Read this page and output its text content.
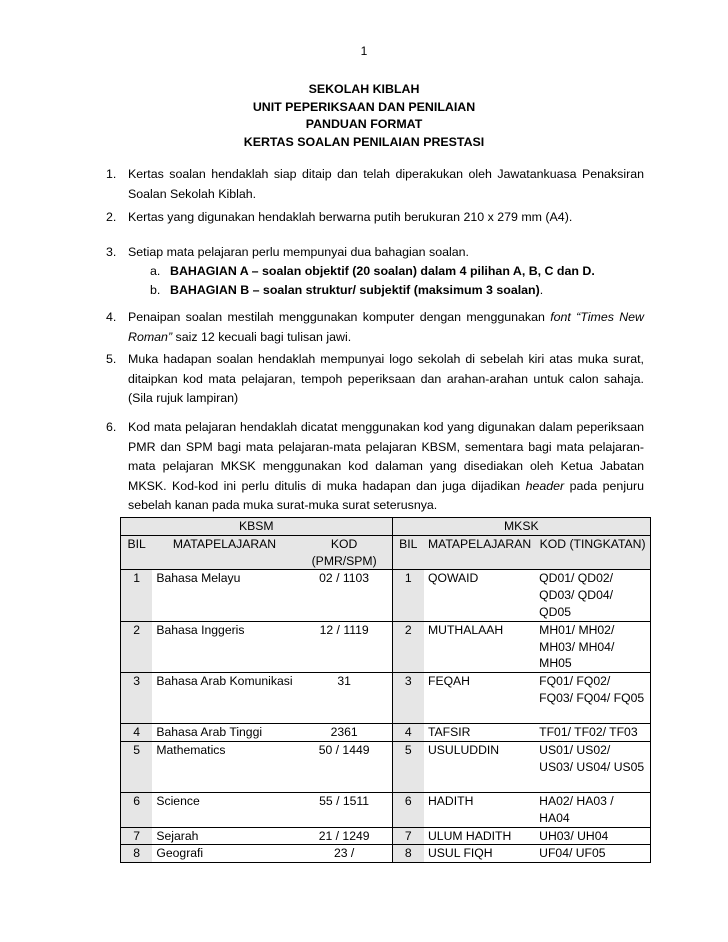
1
SEKOLAH KIBLAH
UNIT PEPERIKSAAN DAN PENILAIAN
PANDUAN FORMAT
KERTAS SOALAN PENILAIAN PRESTASI
1. Kertas soalan hendaklah siap ditaip dan telah diperakukan oleh Jawatankuasa Penaksiran Soalan Sekolah Kiblah.
2. Kertas yang digunakan hendaklah berwarna putih berukuran 210 x 279 mm (A4).
3. Setiap mata pelajaran perlu mempunyai dua bahagian soalan.
a. BAHAGIAN A – soalan objektif (20 soalan) dalam 4 pilihan A, B, C dan D.
b. BAHAGIAN B – soalan struktur/ subjektif (maksimum 3 soalan).
4. Penaipan soalan mestilah menggunakan komputer dengan menggunakan font “Times New Roman” saiz 12 kecuali bagi tulisan jawi.
5. Muka hadapan soalan hendaklah mempunyai logo sekolah di sebelah kiri atas muka surat, ditaipkan kod mata pelajaran, tempoh peperiksaan dan arahan-arahan untuk calon sahaja. (Sila rujuk lampiran)
6. Kod mata pelajaran hendaklah dicatat menggunakan kod yang digunakan dalam peperiksaan PMR dan SPM bagi mata pelajaran-mata pelajaran KBSM, sementara bagi mata pelajaran-mata pelajaran MKSK menggunakan kod dalaman yang disediakan oleh Ketua Jabatan MKSK. Kod-kod ini perlu ditulis di muka hadapan dan juga dijadikan header pada penjuru sebelah kanan pada muka surat-muka surat seterusnya.
KBSM			MKSK		
BIL	MATAPELAJARAN	KOD (PMR/SPM)	BIL	MATAPELAJARAN	KOD (TINGKATAN)
1	Bahasa Melayu	02 / 1103	1	QOWAID	QD01/ QD02/ QD03/ QD04/ QD05
2	Bahasa Inggeris	12 / 1119	2	MUTHALAAH	MH01/ MH02/ MH03/ MH04/ MH05
3	Bahasa Arab Komunikasi	31	3	FEQAH	FQ01/ FQ02/ FQ03/ FQ04/ FQ05
4	Bahasa Arab Tinggi	2361	4	TAFSIR	TF01/ TF02/ TF03
5	Mathematics	50 / 1449	5	USULUDDIN	US01/ US02/ US03/ US04/ US05
6	Science	55 / 1511	6	HADITH	HA02/ HA03 / HA04
7	Sejarah	21 / 1249	7	ULUM HADITH	UH03/ UH04
8	Geografi	23 /	8	USUL FIQH	UF04/ UF05
